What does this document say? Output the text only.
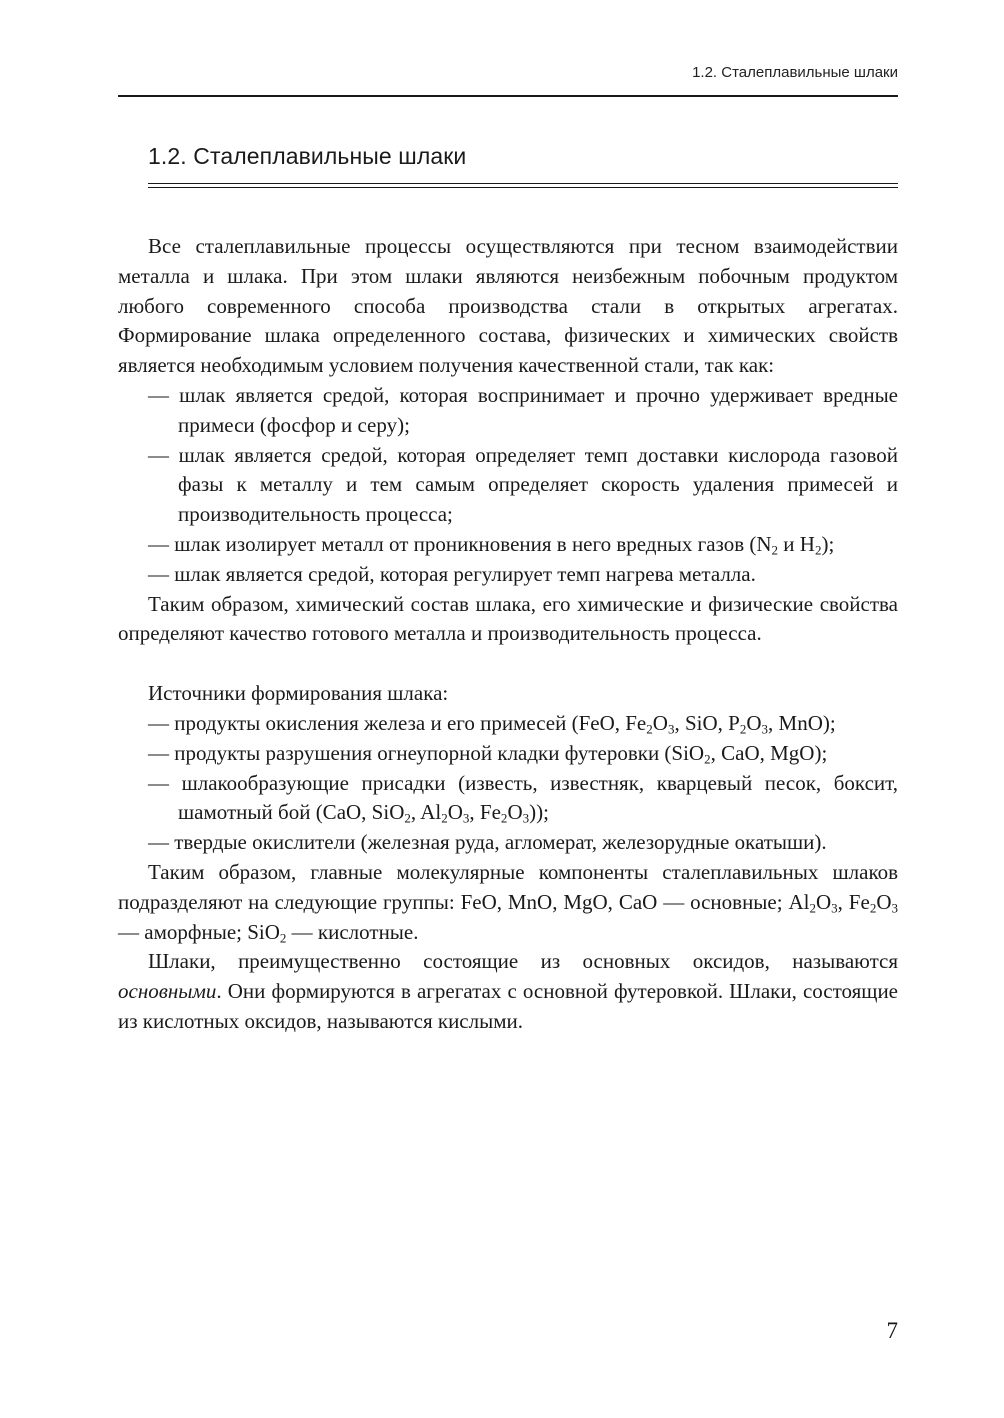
1.2. Сталеплавильные шлаки
1.2. Сталеплавильные шлаки

Все сталеплавильные процессы осуществляются при тесном взаимодействии металла и шлака. При этом шлаки являются неизбежным побочным продуктом любого современного способа производства стали в открытых агрегатах. Формирование шлака определенного состава, физических и химических свойств является необходимым условием получения качественной стали, так как:

— шлак является средой, которая воспринимает и прочно удерживает вредные примеси (фосфор и серу);

— шлак является средой, которая определяет темп доставки кислорода газовой фазы к металлу и тем самым определяет скорость удаления примесей и производительность процесса;

— шлак изолирует металл от проникновения в него вредных газов ($N_2$ и $H_2$);

— шлак является средой, которая регулирует темп нагрева металла.

Таким образом, химический состав шлака, его химические и физические свойства определяют качество готового металла и производительность процесса.

Источники формирования шлака:

— продукты окисления железа и его примесей (FeO, $Fe_2O_3$, SiO, $P_2O_3$, MnO);

— продукты разрушения огнеупорной кладки футеровки (SiO$_2$, CaO, MgO);

— шлакообразующие присадки (известь, известняк, кварцевый песок, боксит, шамотный бой (CaO, SiO$_2$, $Al_2O_3$, $Fe_2O_3$));

— твердые окислители (железная руда, агломерат, железорудные окатыши).

Таким образом, главные молекулярные компоненты сталеплавильных шлаков подразделяют на следующие группы: FeO, MnO, MgO, CaO — основные; $Al_2O_3$, $Fe_2O_3$ — аморфные; SiO$_2$ — кислотные.

Шлаки, преимущественно состоящие из основных оксидов, называются основными. Они формируются в агрегатах с основной футеровкой. Шлаки, состоящие из кислотных оксидов, называются кислыми.

7
